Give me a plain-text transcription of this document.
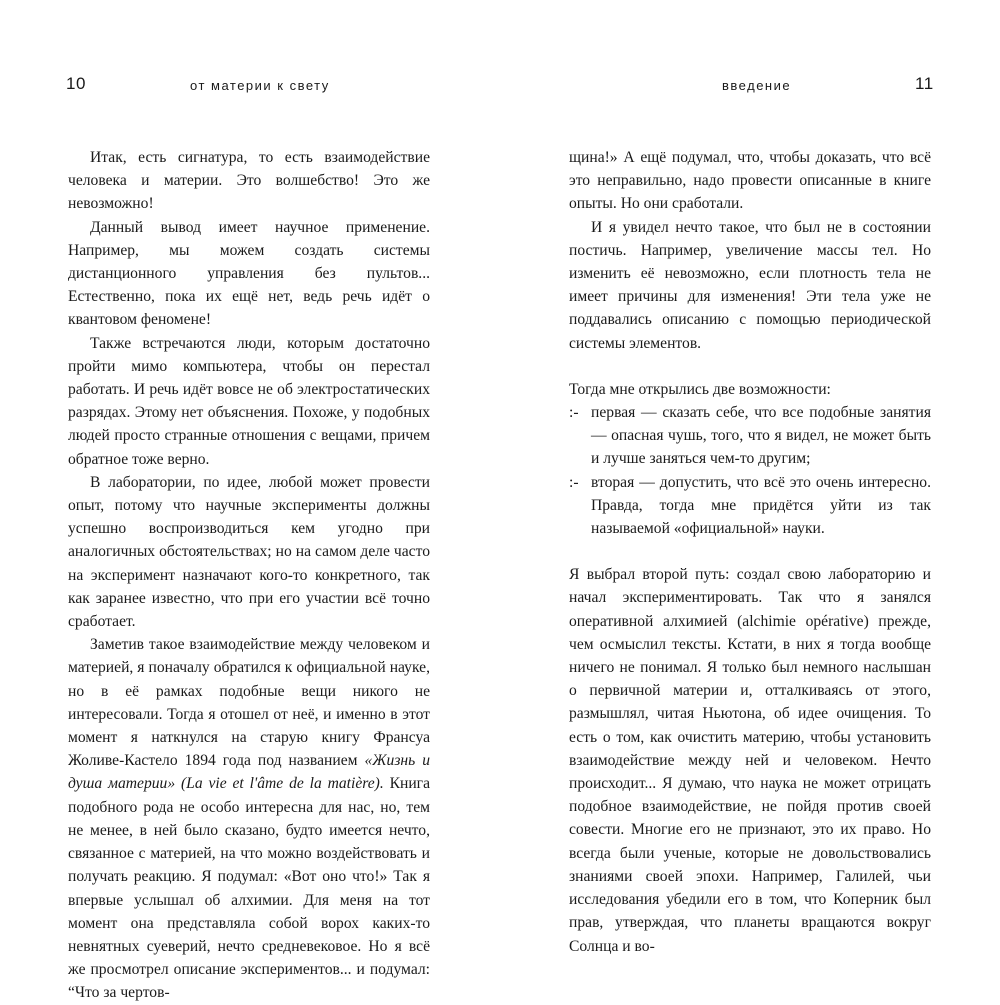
10	от материи к свету	введение	11

Итак, есть сигнатура, то есть взаимодействие человека и материи. Это волшебство! Это же невозможно!

Данный вывод имеет научное применение. Например, мы можем создать системы дистанционного управления без пультов... Естественно, пока их ещё нет, ведь речь идёт о квантовом феномене!

Также встречаются люди, которым достаточно пройти мимо компьютера, чтобы он перестал работать. И речь идёт вовсе не об электростатических разрядах. Этому нет объяснения. Похоже, у подобных людей просто странные отношения с вещами, причем обратное тоже верно.

В лаборатории, по идее, любой может провести опыт, потому что научные эксперименты должны успешно воспроизводиться кем угодно при аналогичных обстоятельствах; но на самом деле часто на эксперимент назначают кого-то конкретного, так как заранее известно, что при его участии всё точно сработает.

Заметив такое взаимодействие между человеком и материей, я поначалу обратился к официальной науке, но в её рамках подобные вещи никого не интересовали. Тогда я отошел от неё, и именно в этот момент я наткнулся на старую книгу Франсуа Жоливе-Кастело 1894 года под названием «Жизнь и душа материи» (La vie et l'âme de la matière). Книга подобного рода не особо интересна для нас, но, тем не менее, в ней было сказано, будто имеется нечто, связанное с материей, на что можно воздействовать и получать реакцию. Я подумал: «Вот оно что!» Так я впервые услышал об алхимии. Для меня на тот момент она представляла собой ворох каких-то невнятных суеверий, нечто средневековое. Но я всё же просмотрел описание экспериментов... и подумал: “Что за чертов-

щина!» А ещё подумал, что, чтобы доказать, что всё это неправильно, надо провести описанные в книге опыты. Но они сработали.

И я увидел нечто такое, что был не в состоянии постичь. Например, увеличение массы тел. Но изменить её невозможно, если плотность тела не имеет причины для изменения! Эти тела уже не поддавались описанию с помощью периодической системы элементов.

Тогда мне открылись две возможности:

:- первая — сказать себе, что все подобные занятия — опасная чушь, того, что я видел, не может быть и лучше заняться чем-то другим;
:- вторая — допустить, что всё это очень интересно. Правда, тогда мне придётся уйти из так называемой «официальной» науки.

Я выбрал второй путь: создал свою лабораторию и начал экспериментировать. Так что я занялся оперативной алхимией (alchimie opérative) прежде, чем осмыслил тексты. Кстати, в них я тогда вообще ничего не понимал. Я только был немного наслышан о первичной материи и, отталкиваясь от этого, размышлял, читая Ньютона, об идее очищения. То есть о том, как очистить материю, чтобы установить взаимодействие между ней и человеком. Нечто происходит... Я думаю, что наука не может отрицать подобное взаимодействие, не пойдя против своей совести. Многие его не признают, это их право. Но всегда были ученые, которые не довольствовались знаниями своей эпохи. Например, Галилей, чьи исследования убедили его в том, что Коперник был прав, утверждая, что планеты вращаются вокруг Солнца и во-
